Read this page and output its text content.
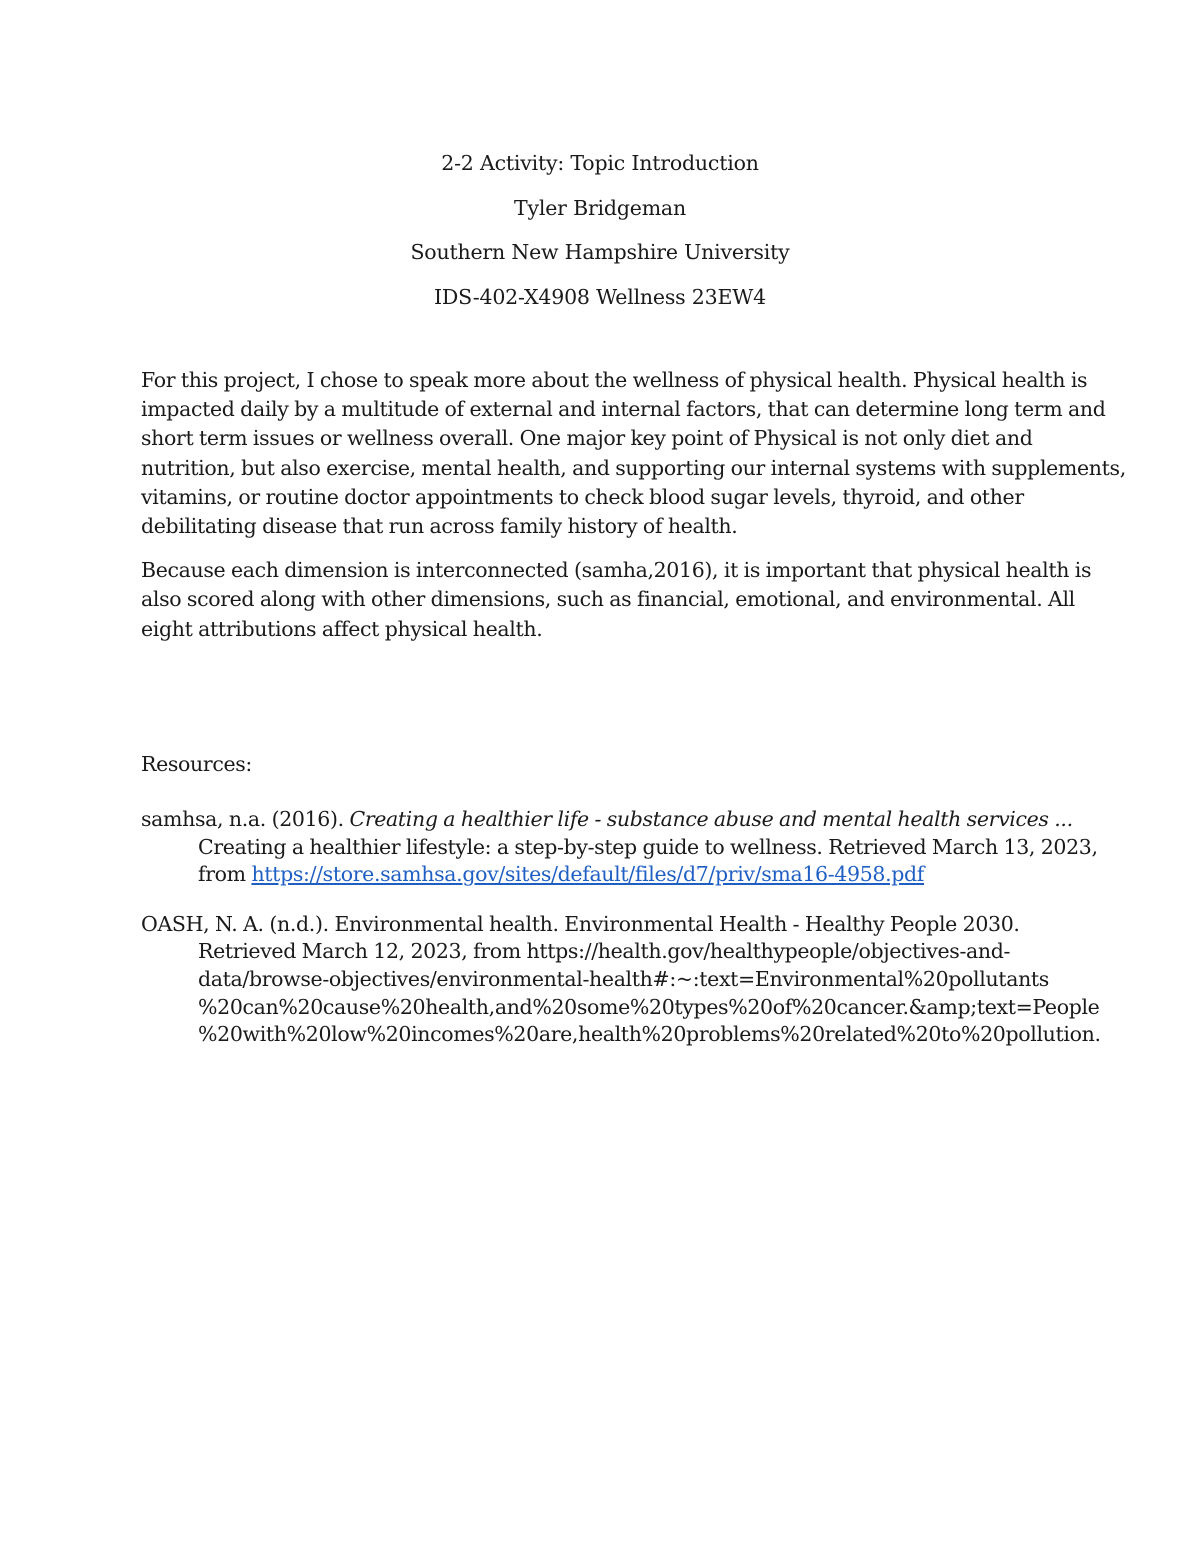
2-2 Activity: Topic Introduction

Tyler Bridgeman

Southern New Hampshire University

IDS-402-X4908 Wellness 23EW4

For this project, I chose to speak more about the wellness of physical health. Physical health is
impacted daily by a multitude of external and internal factors, that can determine long term and
short term issues or wellness overall. One major key point of Physical is not only diet and
nutrition, but also exercise, mental health, and supporting our internal systems with supplements,
vitamins, or routine doctor appointments to check blood sugar levels, thyroid, and other
debilitating disease that run across family history of health.

Because each dimension is interconnected (samha,2016), it is important that physical health is
also scored along with other dimensions, such as financial, emotional, and environmental. All
eight attributions affect physical health.

Resources:

samhsa, n.a. (2016). Creating a healthier life - substance abuse and mental health services ...
Creating a healthier lifestyle: a step-by-step guide to wellness. Retrieved March 13, 2023,
from https://store.samhsa.gov/sites/default/files/d7/priv/sma16-4958.pdf

OASH, N. A. (n.d.). Environmental health. Environmental Health - Healthy People 2030.
Retrieved March 12, 2023, from https://health.gov/healthypeople/objectives-and-
data/browse-objectives/environmental-health#:~:text=Environmental%20pollutants
%20can%20cause%20health,and%20some%20types%20of%20cancer.&amp;text=People
%20with%20low%20incomes%20are,health%20problems%20related%20to%20pollution.
